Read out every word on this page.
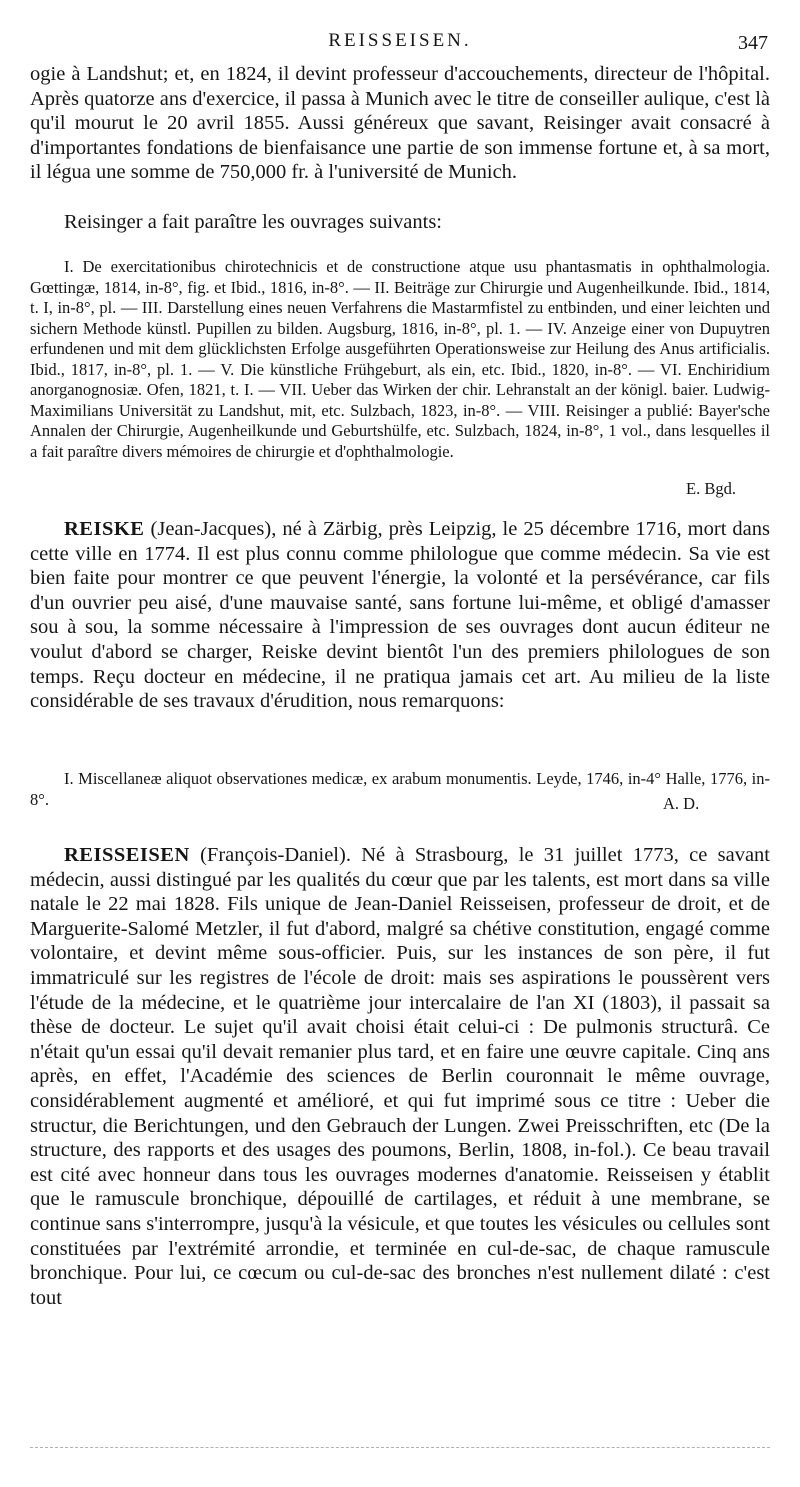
REISSEISEN.	347

ogie à Landshut; et, en 1824, il devint professeur d'accouchements, directeur de l'hôpital. Après quatorze ans d'exercice, il passa à Munich avec le titre de conseiller aulique, c'est là qu'il mourut le 20 avril 1855. Aussi généreux que savant, Reisinger avait consacré à d'importantes fondations de bienfaisance une partie de son immense fortune et, à sa mort, il légua une somme de 750,000 fr. à l'université de Munich.

Reisinger a fait paraître les ouvrages suivants:

I. De exercitationibus chirotechnicis et de constructione atque usu phantasmatis in ophthalmologia. Gœttingæ, 1814, in-8°, fig. et Ibid., 1816, in-8°. — II. Beiträge zur Chirurgie und Augenheilkunde. Ibid., 1814, t. I, in-8°, pl. — III. Darstellung eines neuen Verfahrens die Mastarmfistel zu entbinden, und einer leichten und sichern Methode künstl. Pupillen zu bilden. Augsburg, 1816, in-8°, pl. 1. — IV. Anzeige einer von Dupuytren erfundenen und mit dem glücklichsten Erfolge ausgeführten Operationsweise zur Heilung des Anus artificialis. Ibid., 1817, in-8°, pl. 1. — V. Die künstliche Frühgeburt, als ein, etc. Ibid., 1820, in-8°. — VI. Enchiridium anorganognosiæ. Ofen, 1821, t. I. — VII. Ueber das Wirken der chir. Lehranstalt an der königl. baier. Ludwig-Maximilians Universität zu Landshut, mit, etc. Sulzbach, 1823, in-8°. — VIII. Reisinger a publié: Bayer'sche Annalen der Chirurgie, Augenheilkunde und Geburtshülfe, etc. Sulzbach, 1824, in-8°, 1 vol., dans lesquelles il a fait paraître divers mémoires de chirurgie et d'ophthalmologie.

E. Bgd.

REISKE (Jean-Jacques), né à Zärbig, près Leipzig, le 25 décembre 1716, mort dans cette ville en 1774. Il est plus connu comme philologue que comme médecin. Sa vie est bien faite pour montrer ce que peuvent l'énergie, la volonté et la persévérance, car fils d'un ouvrier peu aisé, d'une mauvaise santé, sans fortune lui-même, et obligé d'amasser sou à sou, la somme nécessaire à l'impression de ses ouvrages dont aucun éditeur ne voulut d'abord se charger, Reiske devint bientôt l'un des premiers philologues de son temps. Reçu docteur en médecine, il ne pratiqua jamais cet art. Au milieu de la liste considérable de ses travaux d'érudition, nous remarquons:

I. Miscellaneæ aliquot observationes medicæ, ex arabum monumentis. Leyde, 1746, in-4° Halle, 1776, in-8°.	A. D.

REISSEISEN (François-Daniel). Né à Strasbourg, le 31 juillet 1773, ce savant médecin, aussi distingué par les qualités du cœur que par les talents, est mort dans sa ville natale le 22 mai 1828. Fils unique de Jean-Daniel Reisseisen, professeur de droit, et de Marguerite-Salomé Metzler, il fut d'abord, malgré sa chétive constitution, engagé comme volontaire, et devint même sous-officier. Puis, sur les instances de son père, il fut immatriculé sur les registres de l'école de droit: mais ses aspirations le poussèrent vers l'étude de la médecine, et le quatrième jour intercalaire de l'an XI (1803), il passait sa thèse de docteur. Le sujet qu'il avait choisi était celui-ci : De pulmonis structurâ. Ce n'était qu'un essai qu'il devait remanier plus tard, et en faire une œuvre capitale. Cinq ans après, en effet, l'Académie des sciences de Berlin couronnait le même ouvrage, considérablement augmenté et amélioré, et qui fut imprimé sous ce titre : Ueber die structur, die Berichtungen, und den Gebrauch der Lungen. Zwei Preisschriften, etc (De la structure, des rapports et des usages des poumons, Berlin, 1808, in-fol.). Ce beau travail est cité avec honneur dans tous les ouvrages modernes d'anatomie. Reisseisen y établit que le ramuscule bronchique, dépouillé de cartilages, et réduit à une membrane, se continue sans s'interrompre, jusqu'à la vésicule, et que toutes les vésicules ou cellules sont constituées par l'extrémité arrondie, et terminée en cul-de-sac, de chaque ramuscule bronchique. Pour lui, ce cœcum ou cul-de-sac des bronches n'est nullement dilaté : c'est tout
